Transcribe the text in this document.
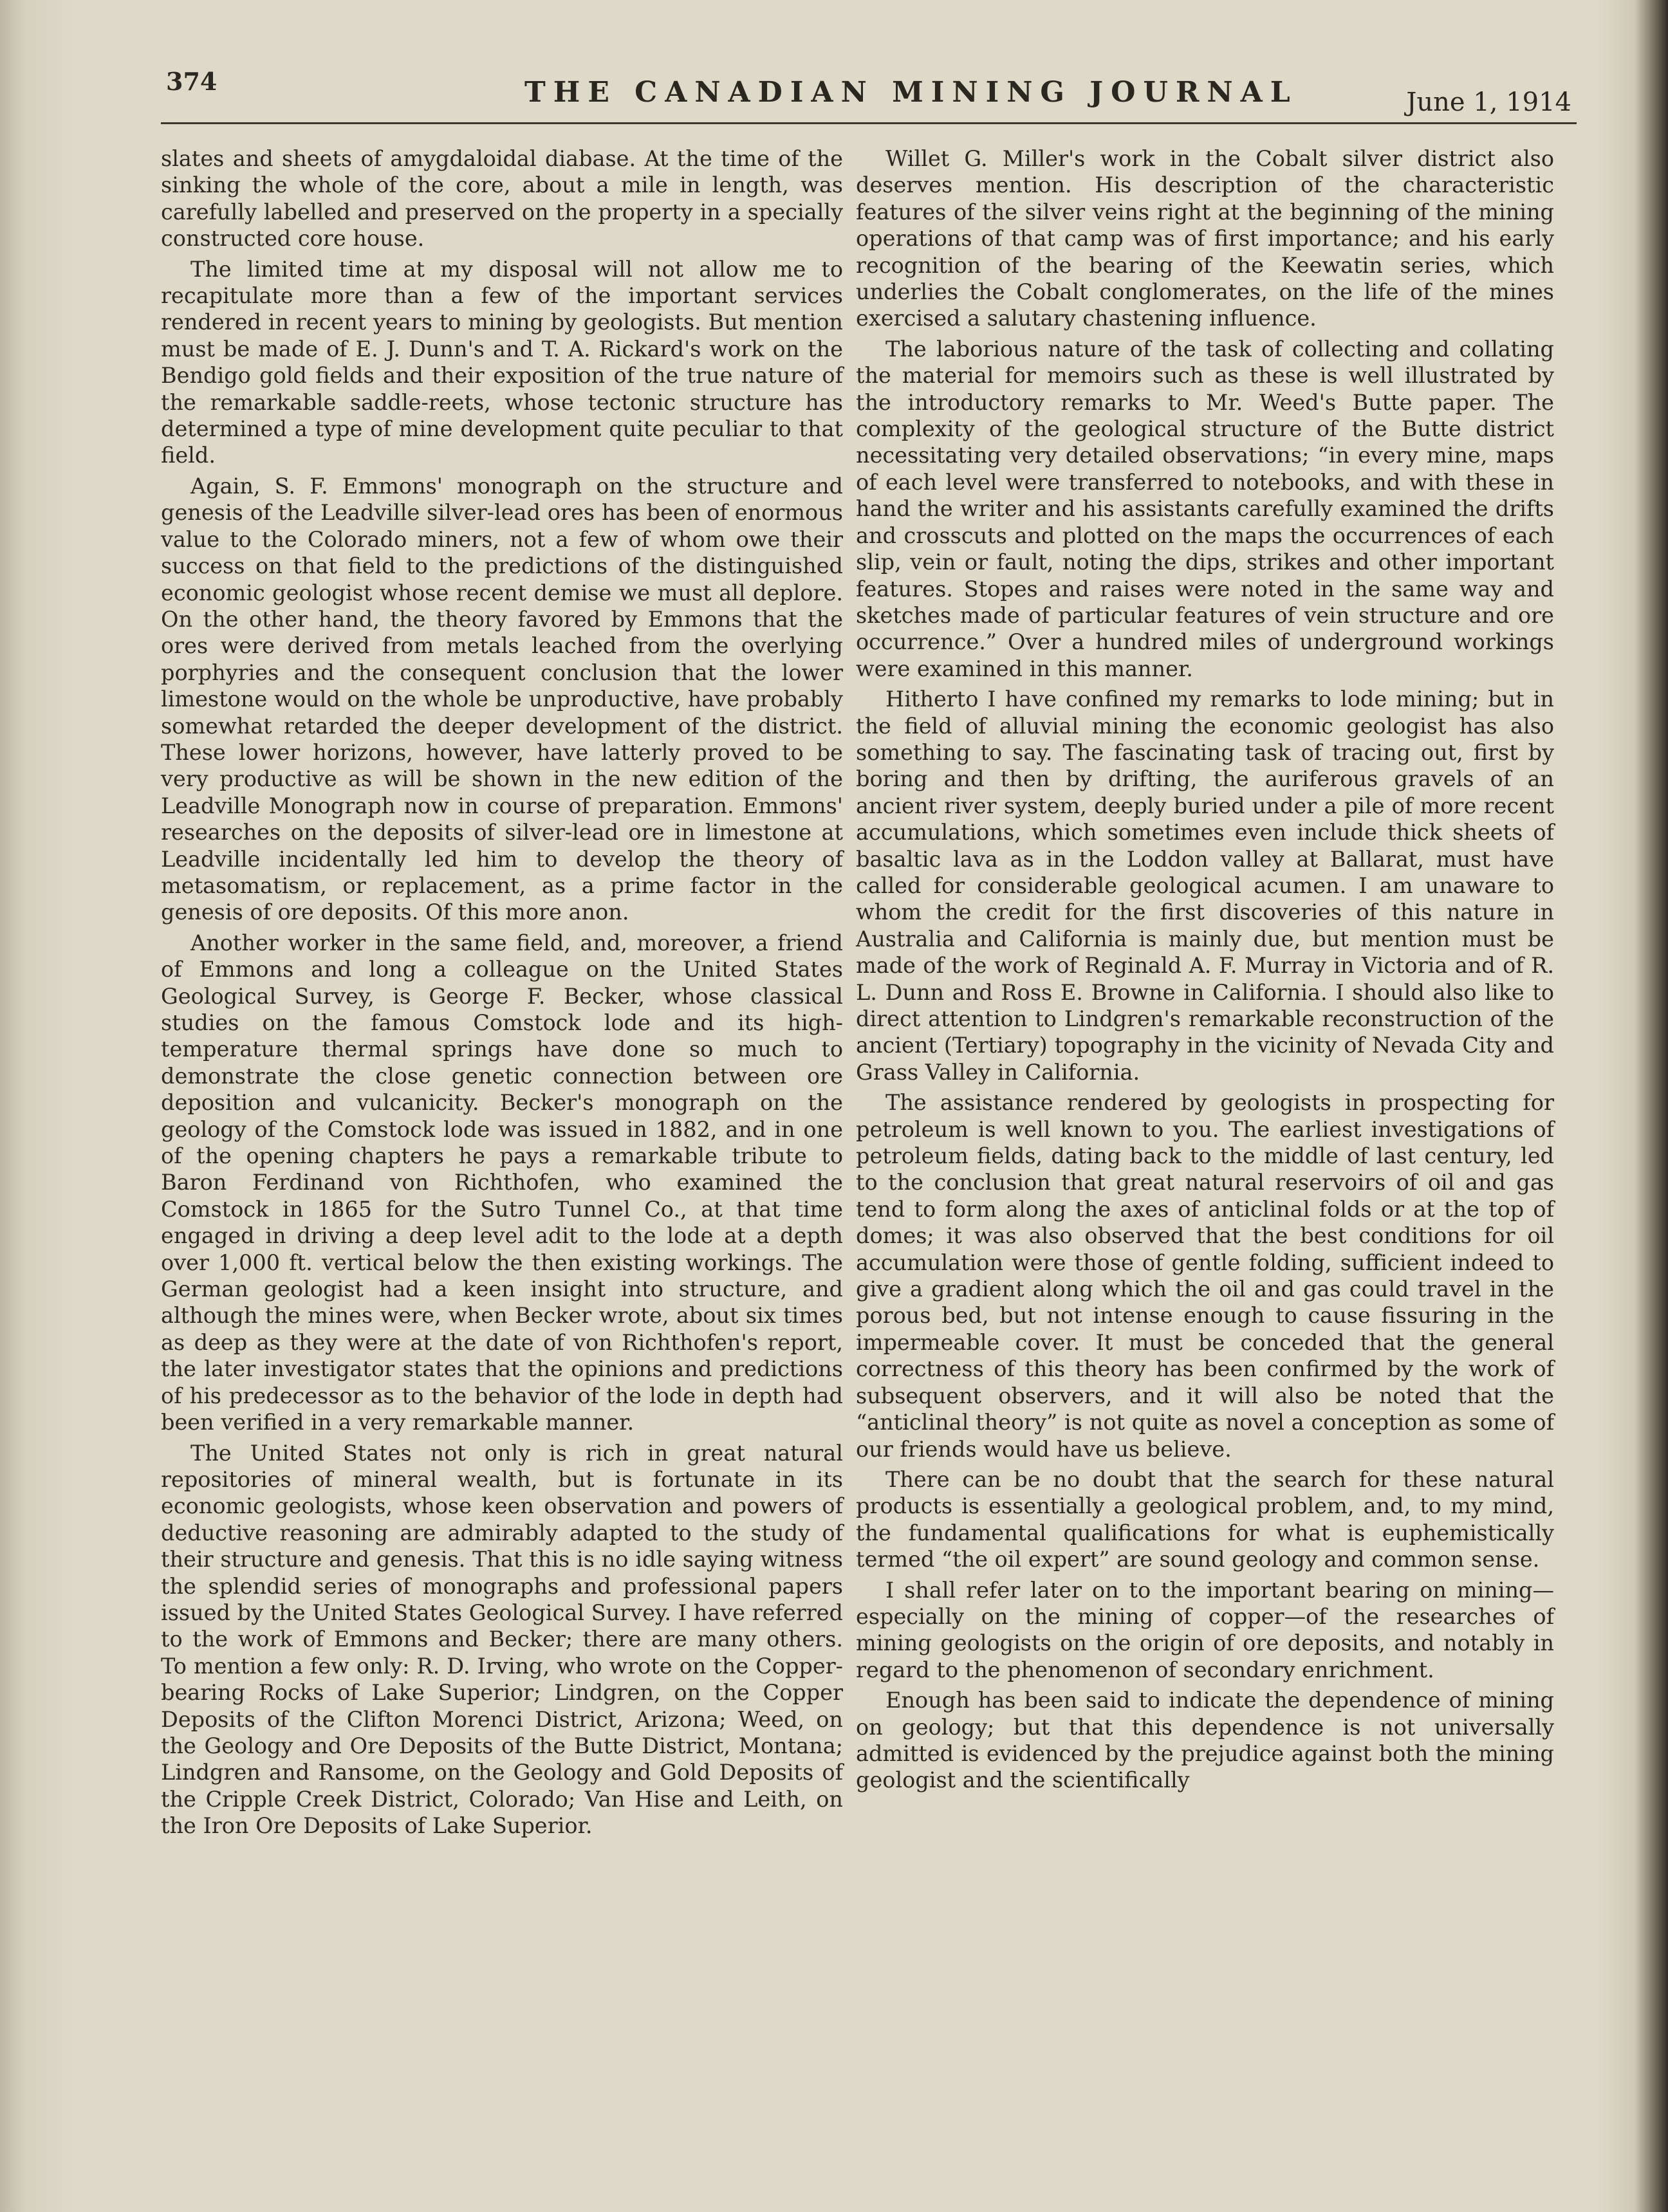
374	THE CANADIAN MINING JOURNAL	June 1, 1914

slates and sheets of amygdaloidal diabase. At the time of the sinking the whole of the core, about a mile in length, was carefully labelled and preserved on the property in a specially constructed core house.

The limited time at my disposal will not allow me to recapitulate more than a few of the important services rendered in recent years to mining by geologists. But mention must be made of E. J. Dunn's and T. A. Rickard's work on the Bendigo gold fields and their exposition of the true nature of the remarkable saddle-reets, whose tectonic structure has determined a type of mine development quite peculiar to that field.

Again, S. F. Emmons' monograph on the structure and genesis of the Leadville silver-lead ores has been of enormous value to the Colorado miners, not a few of whom owe their success on that field to the predictions of the distinguished economic geologist whose recent demise we must all deplore. On the other hand, the theory favored by Emmons that the ores were derived from metals leached from the overlying porphyries and the consequent conclusion that the lower limestone would on the whole be unproductive, have probably somewhat retarded the deeper development of the district. These lower horizons, however, have latterly proved to be very productive as will be shown in the new edition of the Leadville Monograph now in course of preparation. Emmons' researches on the deposits of silver-lead ore in limestone at Leadville incidentally led him to develop the theory of metasomatism, or replacement, as a prime factor in the genesis of ore deposits. Of this more anon.

Another worker in the same field, and, moreover, a friend of Emmons and long a colleague on the United States Geological Survey, is George F. Becker, whose classical studies on the famous Comstock lode and its high-temperature thermal springs have done so much to demonstrate the close genetic connection between ore deposition and vulcanicity. Becker's monograph on the geology of the Comstock lode was issued in 1882, and in one of the opening chapters he pays a remarkable tribute to Baron Ferdinand von Richthofen, who examined the Comstock in 1865 for the Sutro Tunnel Co., at that time engaged in driving a deep level adit to the lode at a depth over 1,000 ft. vertical below the then existing workings. The German geologist had a keen insight into structure, and although the mines were, when Becker wrote, about six times as deep as they were at the date of von Richthofen's report, the later investigator states that the opinions and predictions of his predecessor as to the behavior of the lode in depth had been verified in a very remarkable manner.

The United States not only is rich in great natural repositories of mineral wealth, but is fortunate in its economic geologists, whose keen observation and powers of deductive reasoning are admirably adapted to the study of their structure and genesis. That this is no idle saying witness the splendid series of monographs and professional papers issued by the United States Geological Survey. I have referred to the work of Emmons and Becker; there are many others. To mention a few only: R. D. Irving, who wrote on the Copper-bearing Rocks of Lake Superior; Lindgren, on the Copper Deposits of the Clifton Morenci District, Arizona; Weed, on the Geology and Ore Deposits of the Butte District, Montana; Lindgren and Ransome, on the Geology and Gold Deposits of the Cripple Creek District, Colorado; Van Hise and Leith, on the Iron Ore Deposits of Lake Superior.

Willet G. Miller's work in the Cobalt silver district also deserves mention. His description of the characteristic features of the silver veins right at the beginning of the mining operations of that camp was of first importance; and his early recognition of the bearing of the Keewatin series, which underlies the Cobalt conglomerates, on the life of the mines exercised a salutary chastening influence.

The laborious nature of the task of collecting and collating the material for memoirs such as these is well illustrated by the introductory remarks to Mr. Weed's Butte paper. The complexity of the geological structure of the Butte district necessitating very detailed observations; “in every mine, maps of each level were transferred to notebooks, and with these in hand the writer and his assistants carefully examined the drifts and crosscuts and plotted on the maps the occurrences of each slip, vein or fault, noting the dips, strikes and other important features. Stopes and raises were noted in the same way and sketches made of particular features of vein structure and ore occurrence.” Over a hundred miles of underground workings were examined in this manner.

Hitherto I have confined my remarks to lode mining; but in the field of alluvial mining the economic geologist has also something to say. The fascinating task of tracing out, first by boring and then by drifting, the auriferous gravels of an ancient river system, deeply buried under a pile of more recent accumulations, which sometimes even include thick sheets of basaltic lava as in the Loddon valley at Ballarat, must have called for considerable geological acumen. I am unaware to whom the credit for the first discoveries of this nature in Australia and California is mainly due, but mention must be made of the work of Reginald A. F. Murray in Victoria and of R. L. Dunn and Ross E. Browne in California. I should also like to direct attention to Lindgren's remarkable reconstruction of the ancient (Tertiary) topography in the vicinity of Nevada City and Grass Valley in California.

The assistance rendered by geologists in prospecting for petroleum is well known to you. The earliest investigations of petroleum fields, dating back to the middle of last century, led to the conclusion that great natural reservoirs of oil and gas tend to form along the axes of anticlinal folds or at the top of domes; it was also observed that the best conditions for oil accumulation were those of gentle folding, sufficient indeed to give a gradient along which the oil and gas could travel in the porous bed, but not intense enough to cause fissuring in the impermeable cover. It must be conceded that the general correctness of this theory has been confirmed by the work of subsequent observers, and it will also be noted that the “anticlinal theory” is not quite as novel a conception as some of our friends would have us believe.

There can be no doubt that the search for these natural products is essentially a geological problem, and, to my mind, the fundamental qualifications for what is euphemistically termed “the oil expert” are sound geology and common sense.

I shall refer later on to the important bearing on mining—especially on the mining of copper—of the researches of mining geologists on the origin of ore deposits, and notably in regard to the phenomenon of secondary enrichment.

Enough has been said to indicate the dependence of mining on geology; but that this dependence is not universally admitted is evidenced by the prejudice against both the mining geologist and the scientifically
